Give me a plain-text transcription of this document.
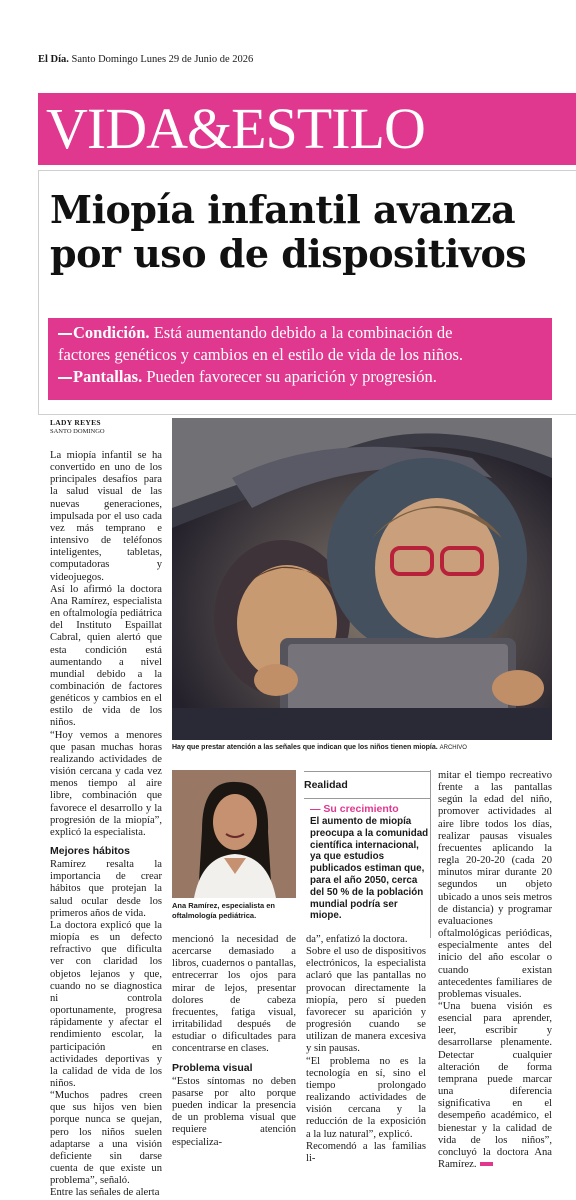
El Día. Santo Domingo Lunes 29 de Junio de 2026
VIDA&ESTILO
Miopía infantil avanza
por uso de dispositivos
Condición. Está aumentando debido a la combinación de
factores genéticos y cambios en el estilo de vida de los niños.
Pantallas. Pueden favorecer su aparición y progresión.
LADY REYES
SANTO DOMINGO

La miopía infantil se ha convertido en uno de los principales desafíos para la salud visual de las nuevas generaciones, impulsada por el uso cada vez más temprano e intensivo de teléfonos inteligentes, tabletas, computadoras y videojuegos.

Así lo afirmó la doctora Ana Ramírez, especialista en oftalmología pediátrica del Instituto Espaillat Cabral, quien alertó que esta condición está aumentando a nivel mundial debido a la combinación de factores genéticos y cambios en el estilo de vida de los niños.

“Hoy vemos a menores que pasan muchas horas realizando actividades de visión cercana y cada vez menos tiempo al aire libre, combinación que favorece el desarrollo y la progresión de la miopía”, explicó la especialista.

Mejores hábitos

Ramírez resalta la importancia de crear hábitos que protejan la salud ocular desde los primeros años de vida.

La doctora explicó que la miopía es un defecto refractivo que dificulta ver con claridad los objetos lejanos y que, cuando no se diagnostica ni controla oportunamente, progresa rápidamente y afectar el rendimiento escolar, la participación en actividades deportivas y la calidad de vida de los niños.

“Muchos padres creen que sus hijos ven bien porque nunca se quejan, pero los niños suelen adaptarse a una visión deficiente sin darse cuenta de que existe un problema”, señaló.

Entre las señales de alerta

Hay que prestar atención a las señales que indican que los niños tienen miopía. ARCHIVO
Ana Ramírez, especialista en oftalmología pediátrica.

mencionó la necesidad de acercarse demasiado a libros, cuadernos o pantallas, entrecerrar los ojos para mirar de lejos, presentar dolores de cabeza frecuentes, fatiga visual, irritabilidad después de estudiar o dificultades para concentrarse en clases.

Problema visual

“Estos síntomas no deben pasarse por alto porque pueden indicar la presencia de un problema visual que requiere atención especializa-

Realidad
— Su crecimiento
El aumento de miopía preocupa a la comunidad científica internacional, ya que estudios publicados estiman que, para el año 2050, cerca del 50 % de la población mundial podría ser miope.

da”, enfatizó la doctora.

Sobre el uso de dispositivos electrónicos, la especialista aclaró que las pantallas no provocan directamente la miopía, pero sí pueden favorecer su aparición y progresión cuando se utilizan de manera excesiva y sin pausas.

“El problema no es la tecnología en sí, sino el tiempo prolongado realizando actividades de visión cercana y la reducción de la exposición a la luz natural”, explicó.

Recomendó a las familias li-

mitar el tiempo recreativo frente a las pantallas según la edad del niño, promover actividades al aire libre todos los días, realizar pausas visuales frecuentes aplicando la regla 20-20-20 (cada 20 minutos mirar durante 20 segundos un objeto ubicado a unos seis metros de distancia) y programar evaluaciones oftalmológicas periódicas, especialmente antes del inicio del año escolar o cuando existan antecedentes familiares de problemas visuales.

“Una buena visión es esencial para aprender, leer, escribir y desarrollarse plenamente. Detectar cualquier alteración de forma temprana puede marcar una diferencia significativa en el desempeño académico, el bienestar y la calidad de vida de los niños”, concluyó la doctora Ana Ramírez.
